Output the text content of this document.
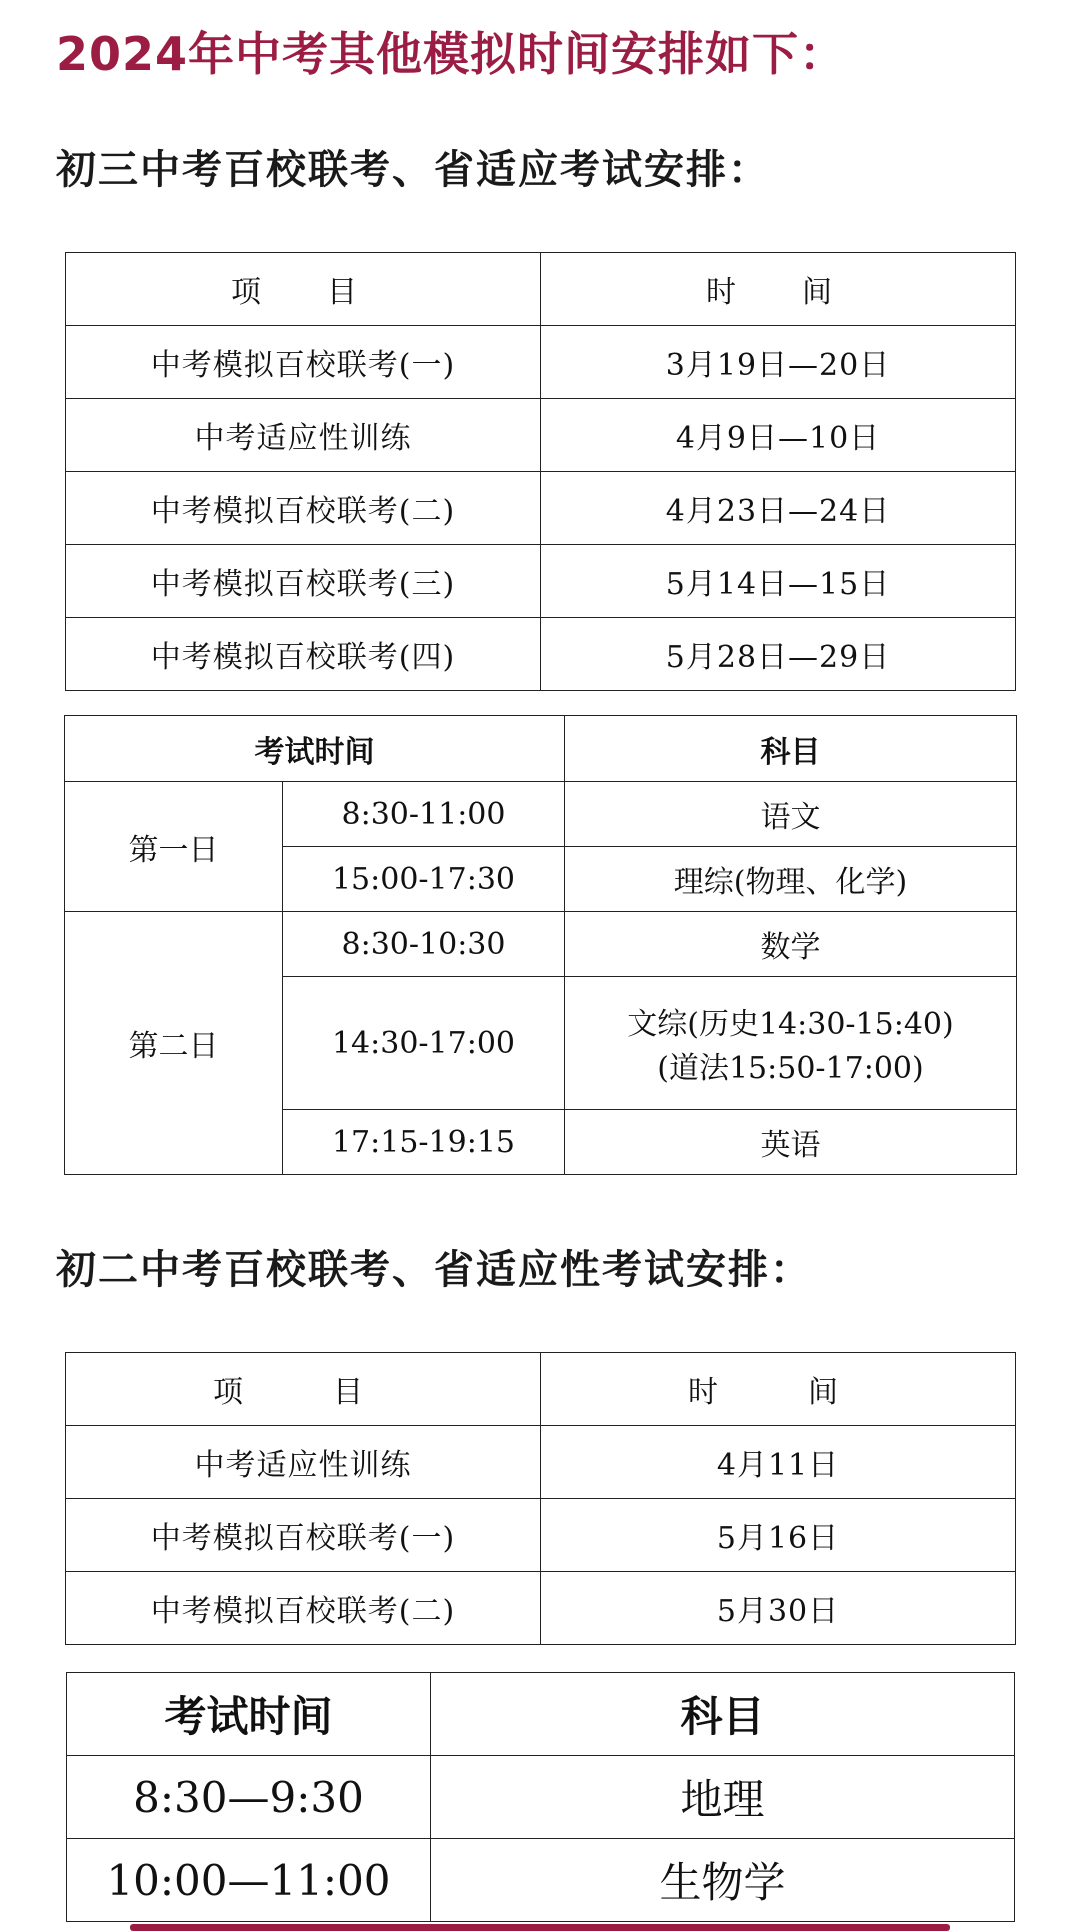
2024年中考其他模拟时间安排如下：
初三中考百校联考、省适应考试安排：
项　目	时　间
中考模拟百校联考(一)	3月19日—20日
中考适应性训练	4月9日—10日
中考模拟百校联考(二)	4月23日—24日
中考模拟百校联考(三)	5月14日—15日
中考模拟百校联考(四)	5月28日—29日
考试时间		科目
第一日	8:30-11:00	语文
	15:00-17:30	理综(物理、化学)
第二日	8:30-10:30	数学
	14:30-17:00	文综(历史14:30-15:40)
(道法15:50-17:00)

	17:15-19:15	英语
初二中考百校联考、省适应性考试安排：
项　目	时　间
中考适应性训练	4月11日
中考模拟百校联考(一)	5月16日
中考模拟百校联考(二)	5月30日
考试时间	科目
8:30—9:30	地理
10:00—11:00	生物学
